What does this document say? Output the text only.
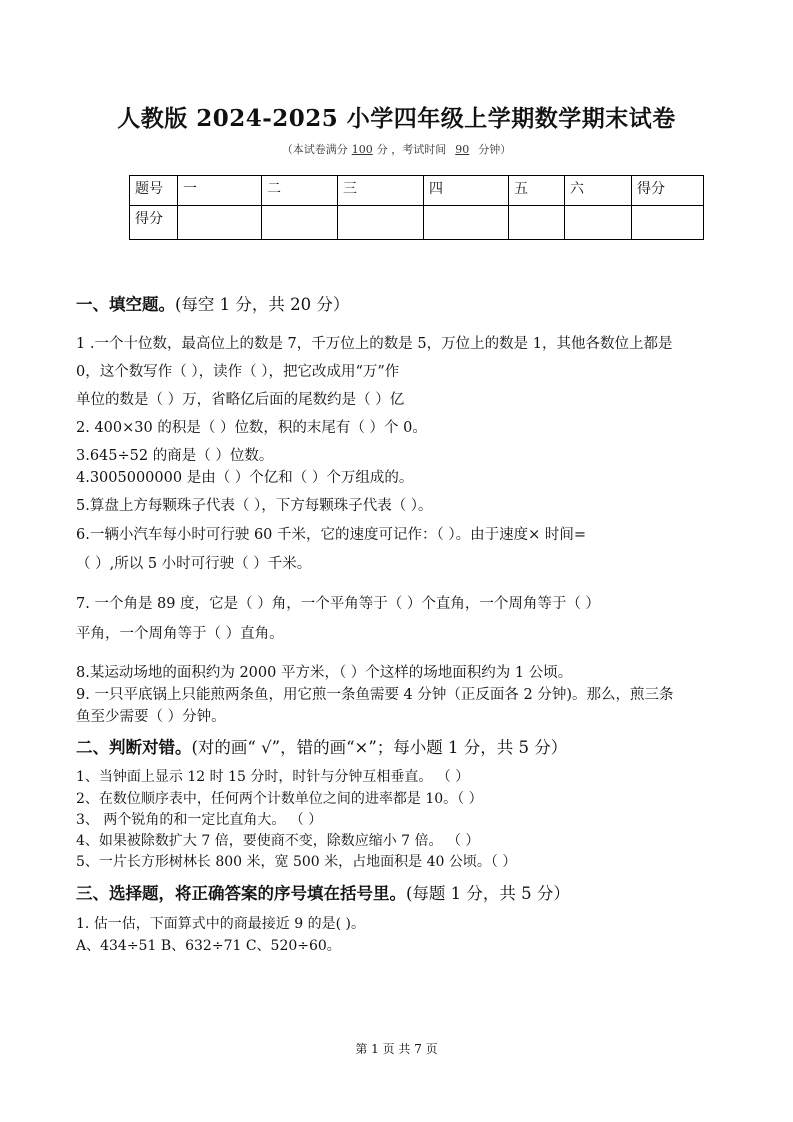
人教版 2024-2025 小学四年级上学期数学期末试卷
（本试卷满分 100 分 ，考试时间 90 分钟）
题号	一	二	三	四	五	六	得分
得分							
一、填空题。(每空 1 分，共 20 分）
1 .一个十位数，最高位上的数是 7，千万位上的数是 5，万位上的数是 1，其他各数位上都是
0，这个数写作（ ），读作（ ），把它改成用“万”作
单位的数是（ ）万，省略亿后面的尾数约是（ ）亿
2. 400×30 的积是（ ）位数，积的末尾有（ ）个 0。
3.645÷52 的商是（ ）位数。
4.3005000000 是由（ ）个亿和（ ）个万组成的。
5.算盘上方每颗珠子代表（ ），下方每颗珠子代表（ ）。
6.一辆小汽车每小时可行驶 60 千米，它的速度可记作：（ ）。由于速度× 时间=
（ ）,所以 5 小时可行驶（ ）千米。
7. 一个角是 89 度，它是（ ）角，一个平角等于（ ）个直角，一个周角等于（ ）
平角，一个周角等于（ ）直角。
8.某运动场地的面积约为 2000 平方米，（ ）个这样的场地面积约为 1 公顷。
9. 一只平底锅上只能煎两条鱼，用它煎一条鱼需要 4 分钟（正反面各 2 分钟)。那么，煎三条
鱼至少需要（ ）分钟。
二、判断对错。(对的画“ √”，错的画“×”；每小题 1 分，共 5 分）
1、当钟面上显示 12 时 15 分时，时针与分钟互相垂直。 （ ）
2、在数位顺序表中，任何两个计数单位之间的进率都是 10。（ ）
3、 两个锐角的和一定比直角大。 （ ）
4、如果被除数扩大 7 倍，要使商不变，除数应缩小 7 倍。 （ ）
5、一片长方形树林长 800 米，宽 500 米，占地面积是 40 公顷。（ ）
三、选择题，将正确答案的序号填在括号里。(每题 1 分，共 5 分）
1. 估一估，下面算式中的商最接近 9 的是( )。
A、434÷51 B、632÷71 C、520÷60。
第 1 页 共 7 页
